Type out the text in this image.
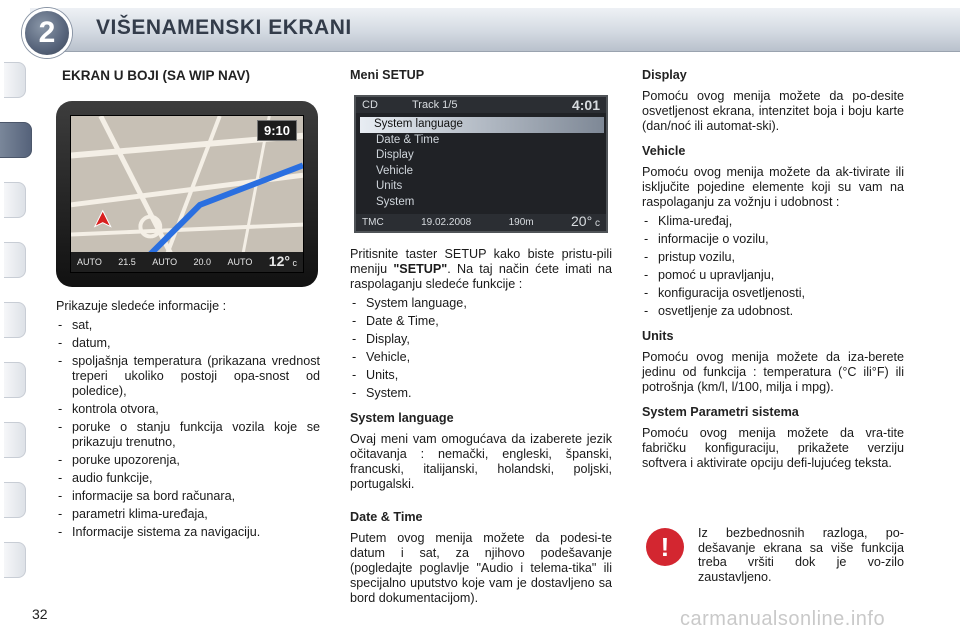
2	VIŠENAMENSKI EKRANI
EKRAN U BOJI (SA WIP NAV)
9:10
AUTO 21.5 AUTO 20.0 AUTO 12° c

Prikazuje sledeće informacije :

- sat,
- datum,
- spoljašnja temperatura (prikazana vrednost treperi ukoliko postoji opa-snost od poledice),
- kontrola otvora,
- poruke o stanju funkcija vozila koje se prikazuju trenutno,
- poruke upozorenja,
- audio funkcije,
- informacije sa bord računara,
- parametri klima-uređaja,
- Informacije sistema za navigaciju.
Meni SETUP
CD	Track 1/5	4:01
System language
Date & Time
Display
Vehicle
Units
System
TMC	19.02.2008	190m	20° c

Pritisnite taster SETUP kako biste pristu-pili meniju "SETUP". Na taj način ćete imati na raspolaganju sledeće funkcije :

- System language,
- Date & Time,
- Display,
- Vehicle,
- Units,
- System.
System language

Ovaj meni vam omogućava da izaberete jezik očitavanja : nemački, engleski, španski, francuski, italijanski, holandski, poljski, portugalski.

Date & Time

Putem ovog menija možete da podesi-te datum i sat, za njihovo podešavanje (pogledajte poglavlje "Audio i telema-tika" ili specijalno uputstvo koje vam je dostavljeno sa bord dokumentacijom).

Display

Pomoću ovog menija možete da po-desite osvetljenost ekrana, intenzitet boja i boju karte (dan/noć ili automat-ski).

Vehicle

Pomoću ovog menija možete da ak-tivirate ili isključite pojedine elemente koji su vam na raspolaganju za vožnju i udobnost :

- Klima-uređaj,
- informacije o vozilu,
- pristup vozilu,
- pomoć u upravljanju,
- konfiguracija osvetljenosti,
- osvetljenje za udobnost.
Units

Pomoću ovog menija možete da iza-berete jedinu od funkcija : temperatura (°C ili°F) ili potrošnja (km/l, l/100, milja i mpg).

System Parametri sistema

Pomoću ovog menija možete da vra-tite fabričku konfiguraciju, prikažete verziju softvera i aktivirate opciju defi-lujućeg teksta.

!	Iz bezbednosnih razloga, po-dešavanje ekrana sa više funkcija treba vršiti dok je vo-zilo zaustavljeno.
32	carmanualsonline.info
